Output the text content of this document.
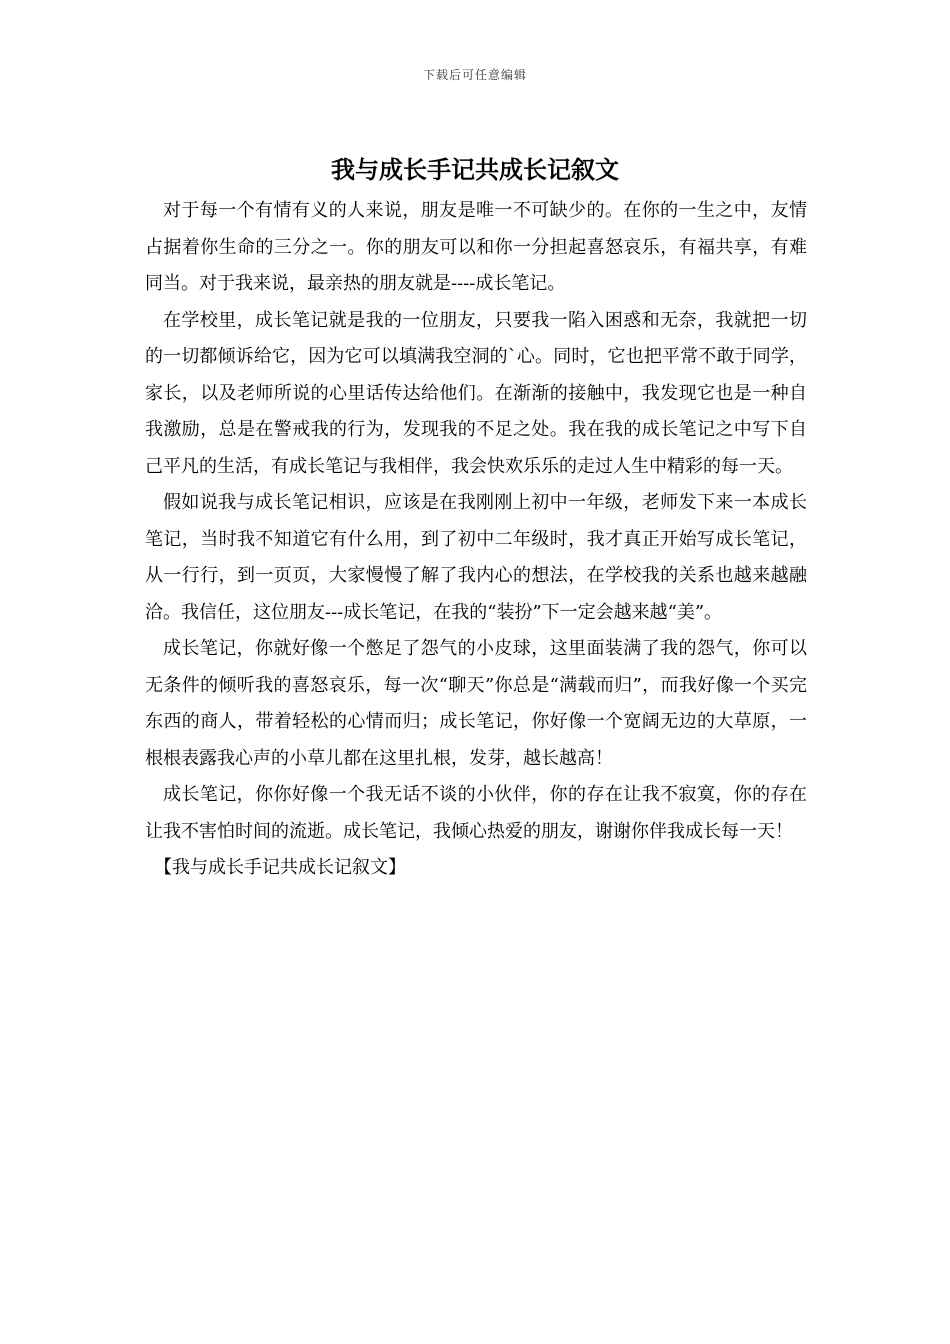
下载后可任意编辑
我与成长手记共成长记叙文

对于每一个有情有义的人来说，朋友是唯一不可缺少的。在你的一生之中，友情占据着你生命的三分之一。你的朋友可以和你一分担起喜怒哀乐，有福共享，有难同当。对于我来说，最亲热的朋友就是----成长笔记。

在学校里，成长笔记就是我的一位朋友，只要我一陷入困惑和无奈，我就把一切的一切都倾诉给它，因为它可以填满我空洞的`心。同时，它也把平常不敢于同学，家长，以及老师所说的心里话传达给他们。在渐渐的接触中，我发现它也是一种自我激励，总是在警戒我的行为，发现我的不足之处。我在我的成长笔记之中写下自己平凡的生活，有成长笔记与我相伴，我会快欢乐乐的走过人生中精彩的每一天。

假如说我与成长笔记相识，应该是在我刚刚上初中一年级，老师发下来一本成长笔记，当时我不知道它有什么用，到了初中二年级时，我才真正开始写成长笔记，从一行行，到一页页，大家慢慢了解了我内心的想法，在学校我的关系也越来越融洽。我信任，这位朋友---成长笔记，在我的“装扮”下一定会越来越“美”。

成长笔记，你就好像一个憋足了怨气的小皮球，这里面装满了我的怨气，你可以无条件的倾听我的喜怒哀乐，每一次“聊天”你总是“满载而归”，而我好像一个买完东西的商人，带着轻松的心情而归；成长笔记，你好像一个宽阔无边的大草原，一根根表露我心声的小草儿都在这里扎根，发芽，越长越高！

成长笔记，你你好像一个我无话不谈的小伙伴，你的存在让我不寂寞，你的存在让我不害怕时间的流逝。成长笔记，我倾心热爱的朋友，谢谢你伴我成长每一天！

【我与成长手记共成长记叙文】
